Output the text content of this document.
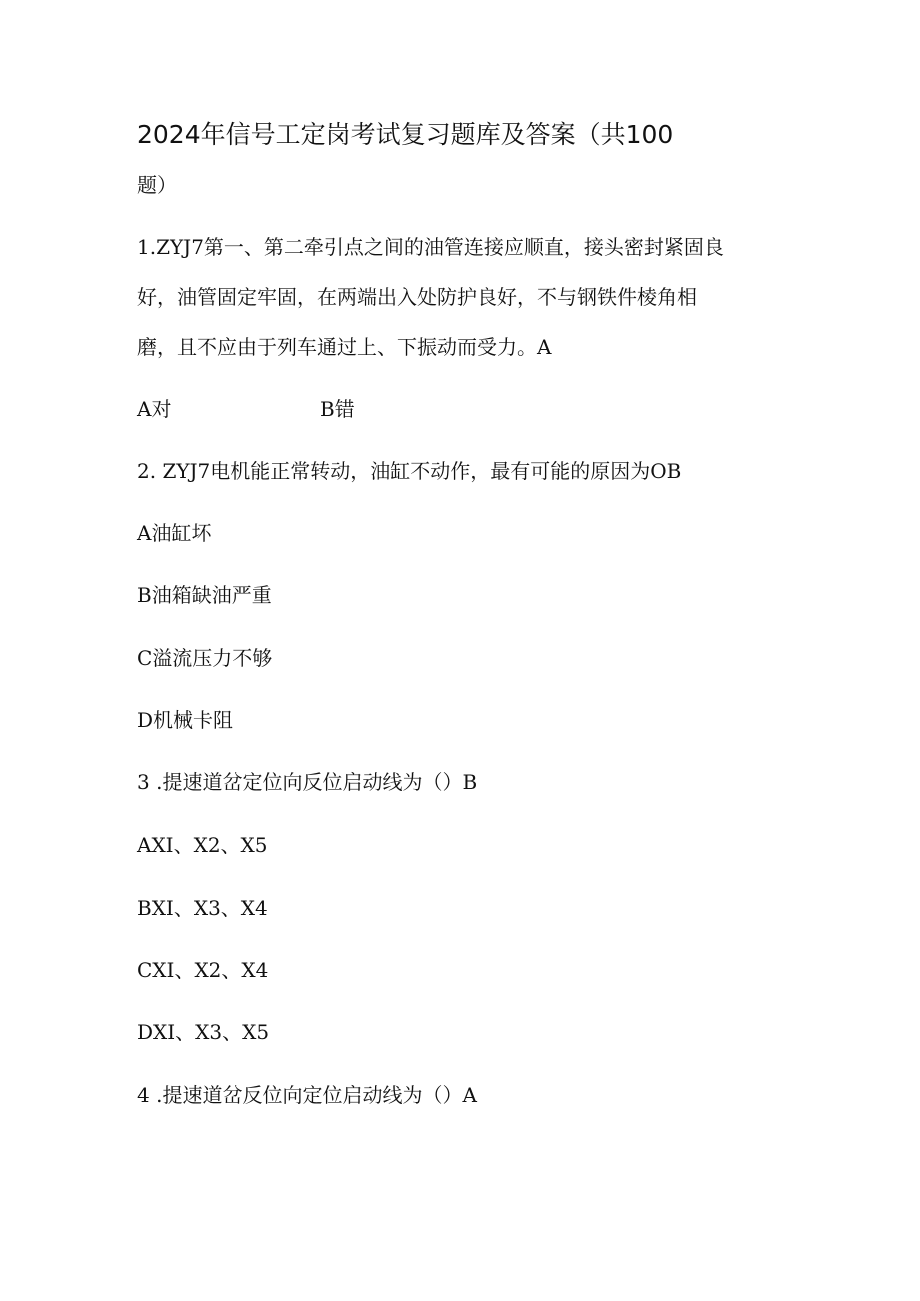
2024年信号工定岗考试复习题库及答案（共100
题）
1.ZYJ7第一、第二牵引点之间的油管连接应顺直，接头密封紧固良
好，油管固定牢固，在两端出入处防护良好，不与钢铁件棱角相
磨，且不应由于列车通过上、下振动而受力。A
A对	B错
2. ZYJ7电机能正常转动，油缸不动作，最有可能的原因为OB
A油缸坏
B油箱缺油严重
C溢流压力不够
D机械卡阻
3 .提速道岔定位向反位启动线为（）B
AXI、X2、X5
BXI、X3、X4
CXI、X2、X4
DXI、X3、X5
4 .提速道岔反位向定位启动线为（）A
